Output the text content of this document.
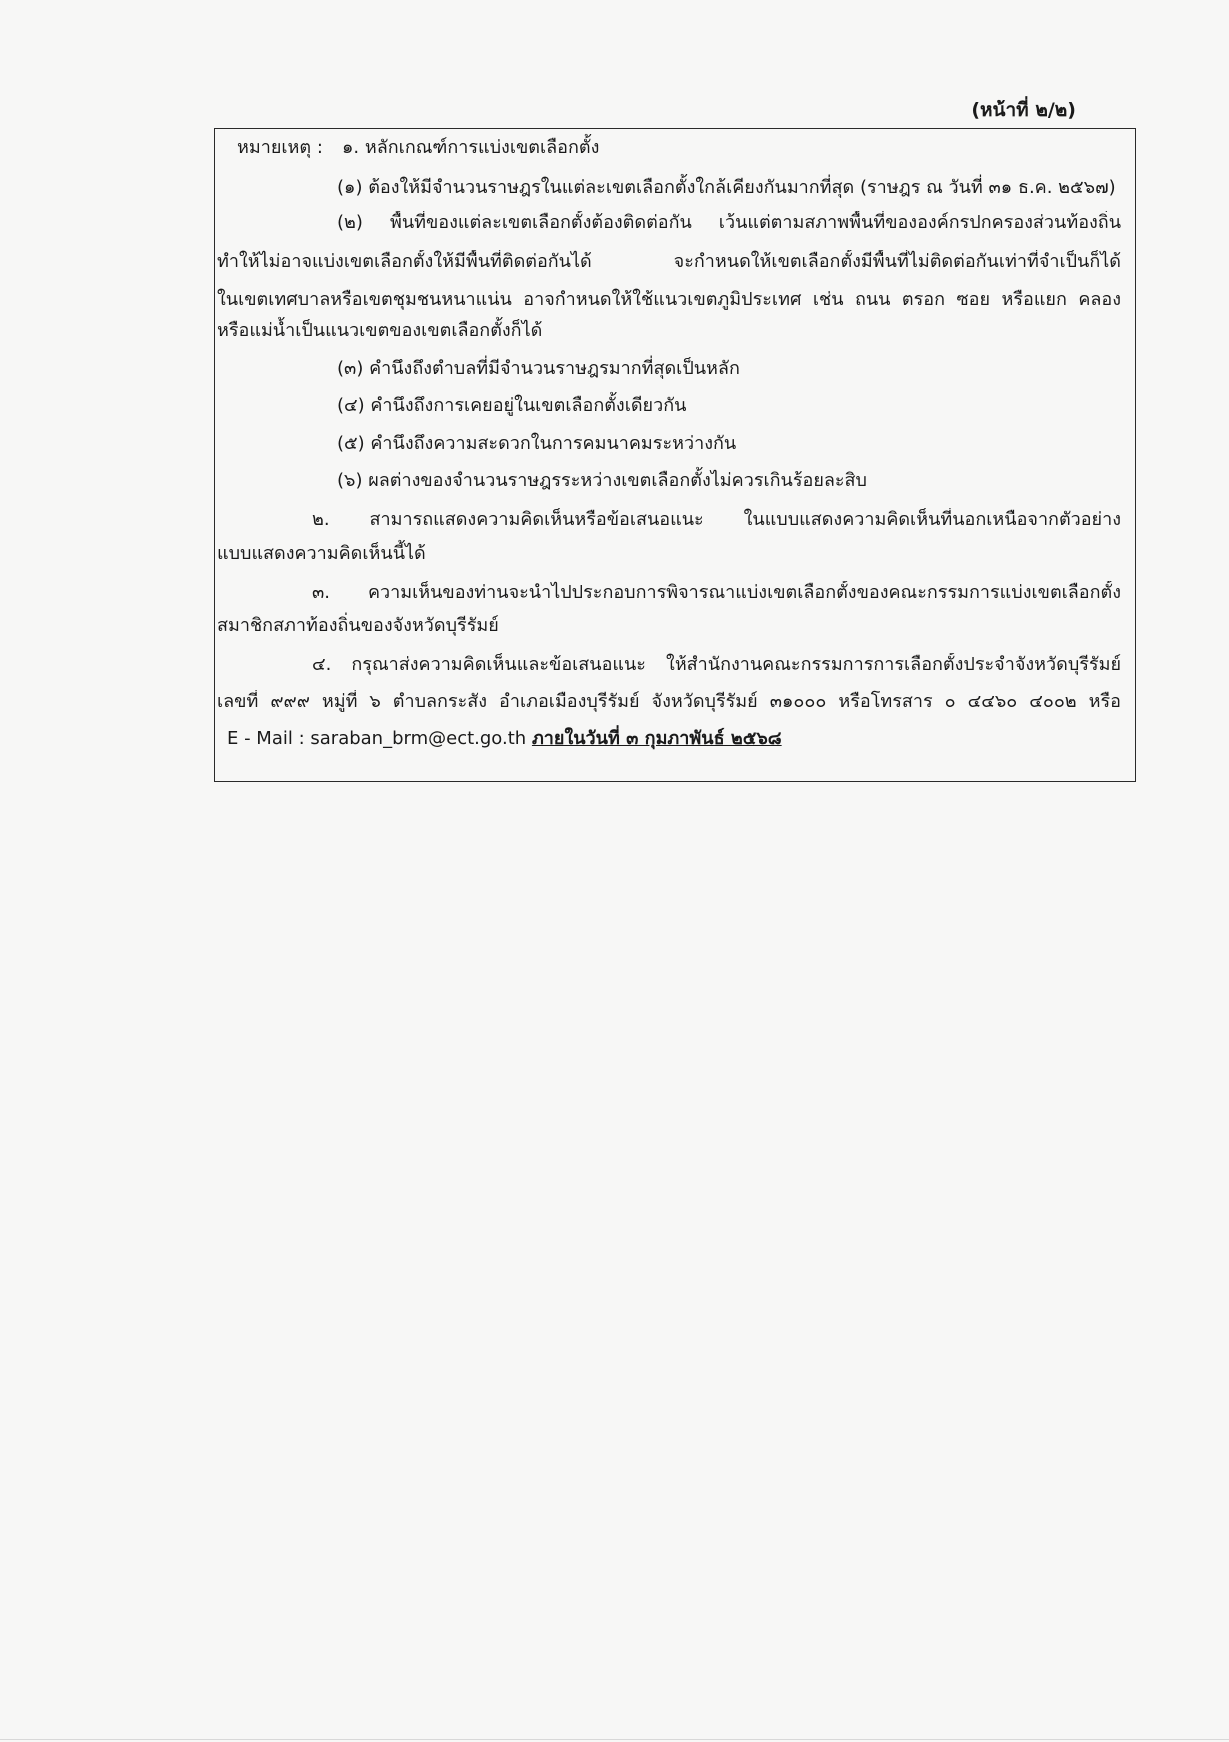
(หน้าที่ ๒/๒)
หมายเหตุ : ๑. หลักเกณฑ์การแบ่งเขตเลือกตั้ง
(๑) ต้องให้มีจำนวนราษฎรในแต่ละเขตเลือกตั้งใกล้เคียงกันมากที่สุด (ราษฎร ณ วันที่ ๓๑ ธ.ค. ๒๕๖๗)
(๒) พื้นที่ของแต่ละเขตเลือกตั้งต้องติดต่อกัน เว้นแต่ตามสภาพพื้นที่ขององค์กรปกครองส่วนท้องถิ่น
ทำให้ไม่อาจแบ่งเขตเลือกตั้งให้มีพื้นที่ติดต่อกันได้ จะกำหนดให้เขตเลือกตั้งมีพื้นที่ไม่ติดต่อกันเท่าที่จำเป็นก็ได้
ในเขตเทศบาลหรือเขตชุมชนหนาแน่น อาจกำหนดให้ใช้แนวเขตภูมิประเทศ เช่น ถนน ตรอก ซอย หรือแยก คลอง
หรือแม่น้ำเป็นแนวเขตของเขตเลือกตั้งก็ได้
(๓) คำนึงถึงตำบลที่มีจำนวนราษฎรมากที่สุดเป็นหลัก
(๔) คำนึงถึงการเคยอยู่ในเขตเลือกตั้งเดียวกัน
(๕) คำนึงถึงความสะดวกในการคมนาคมระหว่างกัน
(๖) ผลต่างของจำนวนราษฎรระหว่างเขตเลือกตั้งไม่ควรเกินร้อยละสิบ
๒. สามารถแสดงความคิดเห็นหรือข้อเสนอแนะ ในแบบแสดงความคิดเห็นที่นอกเหนือจากตัวอย่าง
แบบแสดงความคิดเห็นนี้ได้
๓. ความเห็นของท่านจะนำไปประกอบการพิจารณาแบ่งเขตเลือกตั้งของคณะกรรมการแบ่งเขตเลือกตั้ง
สมาชิกสภาท้องถิ่นของจังหวัดบุรีรัมย์
๔. กรุณาส่งความคิดเห็นและข้อเสนอแนะ ให้สำนักงานคณะกรรมการการเลือกตั้งประจำจังหวัดบุรีรัมย์
เลขที่ ๙๙๙ หมู่ที่ ๖ ตำบลกระสัง อำเภอเมืองบุรีรัมย์ จังหวัดบุรีรัมย์ ๓๑๐๐๐ หรือโทรสาร ๐ ๔๔๖๐ ๔๐๐๒ หรือ
E - Mail : saraban_brm@ect.go.th ภายในวันที่ ๓ กุมภาพันธ์ ๒๕๖๘
